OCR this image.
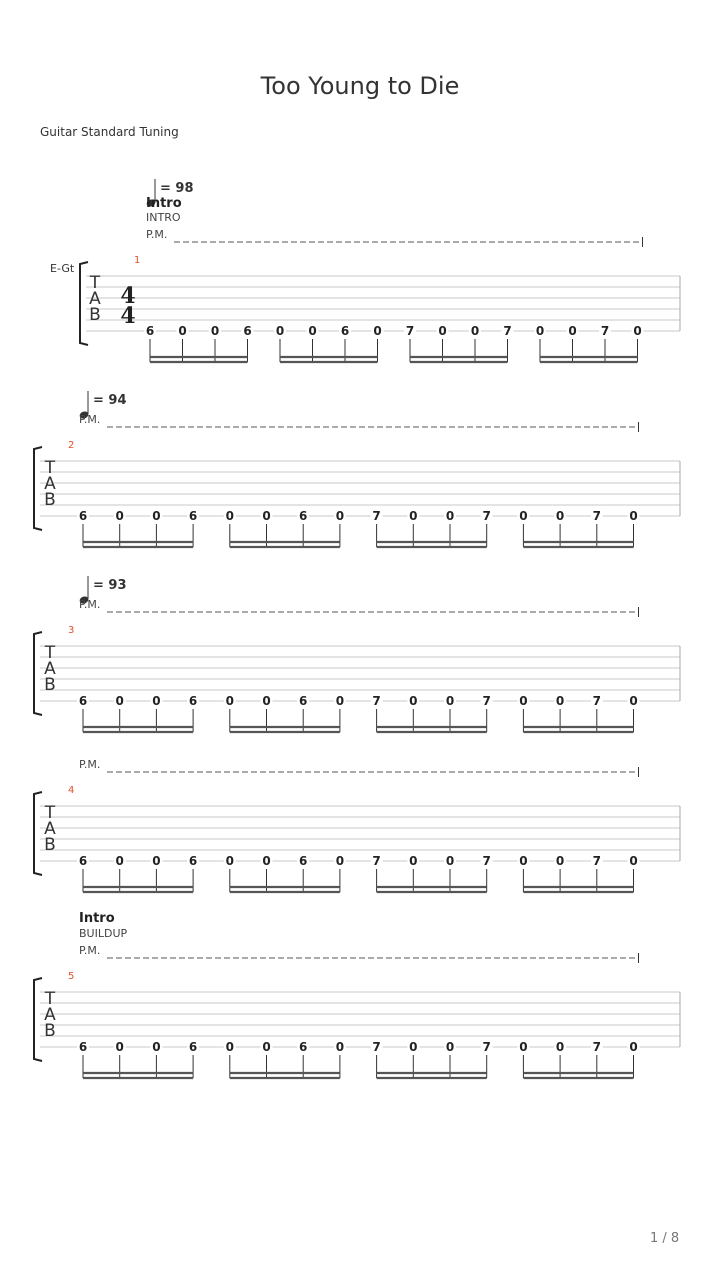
Too Young to Die
Guitar Standard Tuning
E-Gt
T
A
B
4
4
1
= 98
Intro
INTRO
P.M.
6 0 0 6 0 0 6 0 7 0 0 7 0 0 7 0
T
A
B
2
= 94
P.M.
6 0 0 6 0 0 6 0 7 0 0 7 0 0 7 0
T
A
B
3
= 93
P.M.
6 0 0 6 0 0 6 0 7 0 0 7 0 0 7 0
T
A
B
4
P.M.
6 0 0 6 0 0 6 0 7 0 0 7 0 0 7 0
T
A
B
5
Intro
BUILDUP
P.M.
6 0 0 6 0 0 6 0 7 0 0 7 0 0 7 0
1 / 8
